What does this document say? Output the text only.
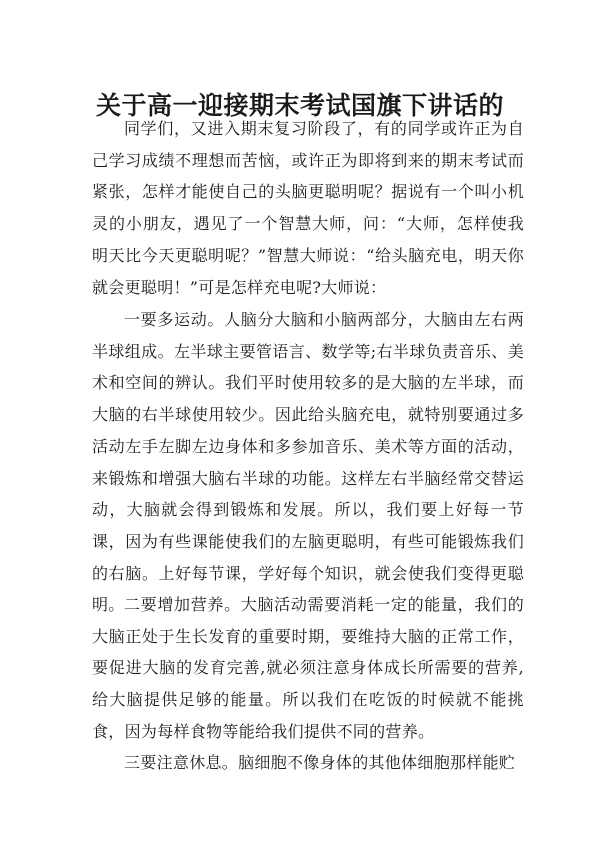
关于高一迎接期末考试国旗下讲话的

同学们，又进入期末复习阶段了，有的同学或许正为自己学习成绩不理想而苦恼，或许正为即将到来的期末考试而紧张，怎样才能使自己的头脑更聪明呢？据说有一个叫小机灵的小朋友，遇见了一个智慧大师，问：“大师，怎样使我明天比今天更聪明呢？”智慧大师说：“给头脑充电，明天你就会更聪明！”可是怎样充电呢?大师说：

一要多运动。人脑分大脑和小脑两部分，大脑由左右两半球组成。左半球主要管语言、数学等;右半球负责音乐、美术和空间的辨认。我们平时使用较多的是大脑的左半球，而大脑的右半球使用较少。因此给头脑充电，就特别要通过多活动左手左脚左边身体和多参加音乐、美术等方面的活动，来锻炼和增强大脑右半球的功能。这样左右半脑经常交替运动，大脑就会得到锻炼和发展。所以，我们要上好每一节课，因为有些课能使我们的左脑更聪明，有些可能锻炼我们的右脑。上好每节课，学好每个知识，就会使我们变得更聪明。 二要增加营养。大脑活动需要消耗一定的能量，我们的大脑正处于生长发育的重要时期，要维持大脑的正常工作，要促进大脑的发育完善,就必须注意身体成长所需要的营养,给大脑提供足够的能量。所以我们在吃饭的时候就不能挑食，因为每样食物等能给我们提供不同的营养。

三要注意休息。脑细胞不像身体的其他体细胞那样能贮
